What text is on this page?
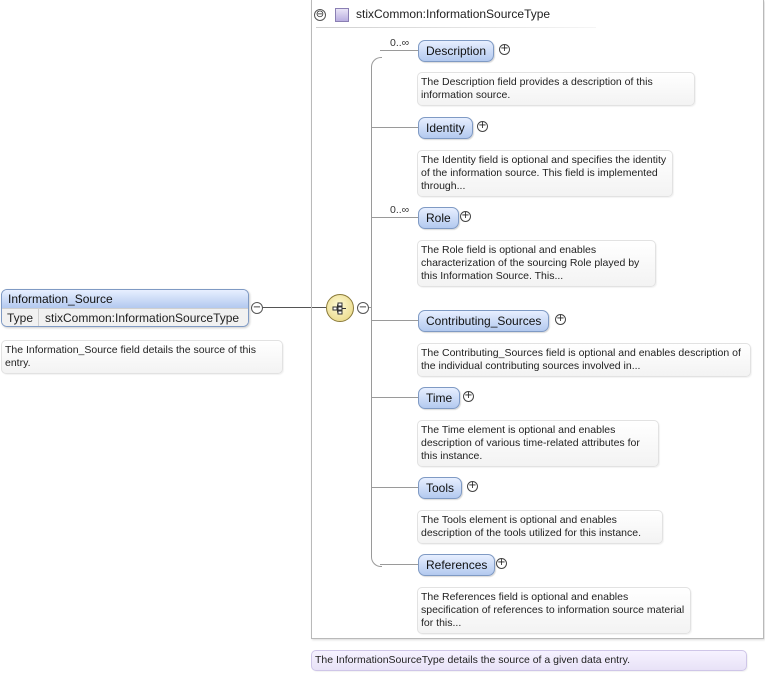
⊖	stixCommon:InformationSourceType
Information_Source
Type stixCommon:InformationSourceType
−
The Information_Source field details the source of this entry.
−
0..∞
Description	+
The Description field provides a description of this information source.
Identity	+
The Identity field is optional and specifies the identity of the information source. This field is implemented through...
0..∞
Role	+
The Role field is optional and enables characterization of the sourcing Role played by this Information Source. This...
Contributing_Sources	+
The Contributing_Sources field is optional and enables description of the individual contributing sources involved in...
Time	+
The Time element is optional and enables description of various time-related attributes for this instance.
Tools	+
The Tools element is optional and enables description of the tools utilized for this instance.
References +
The References field is optional and enables specification of references to information source material for this...
The InformationSourceType details the source of a given data entry.
